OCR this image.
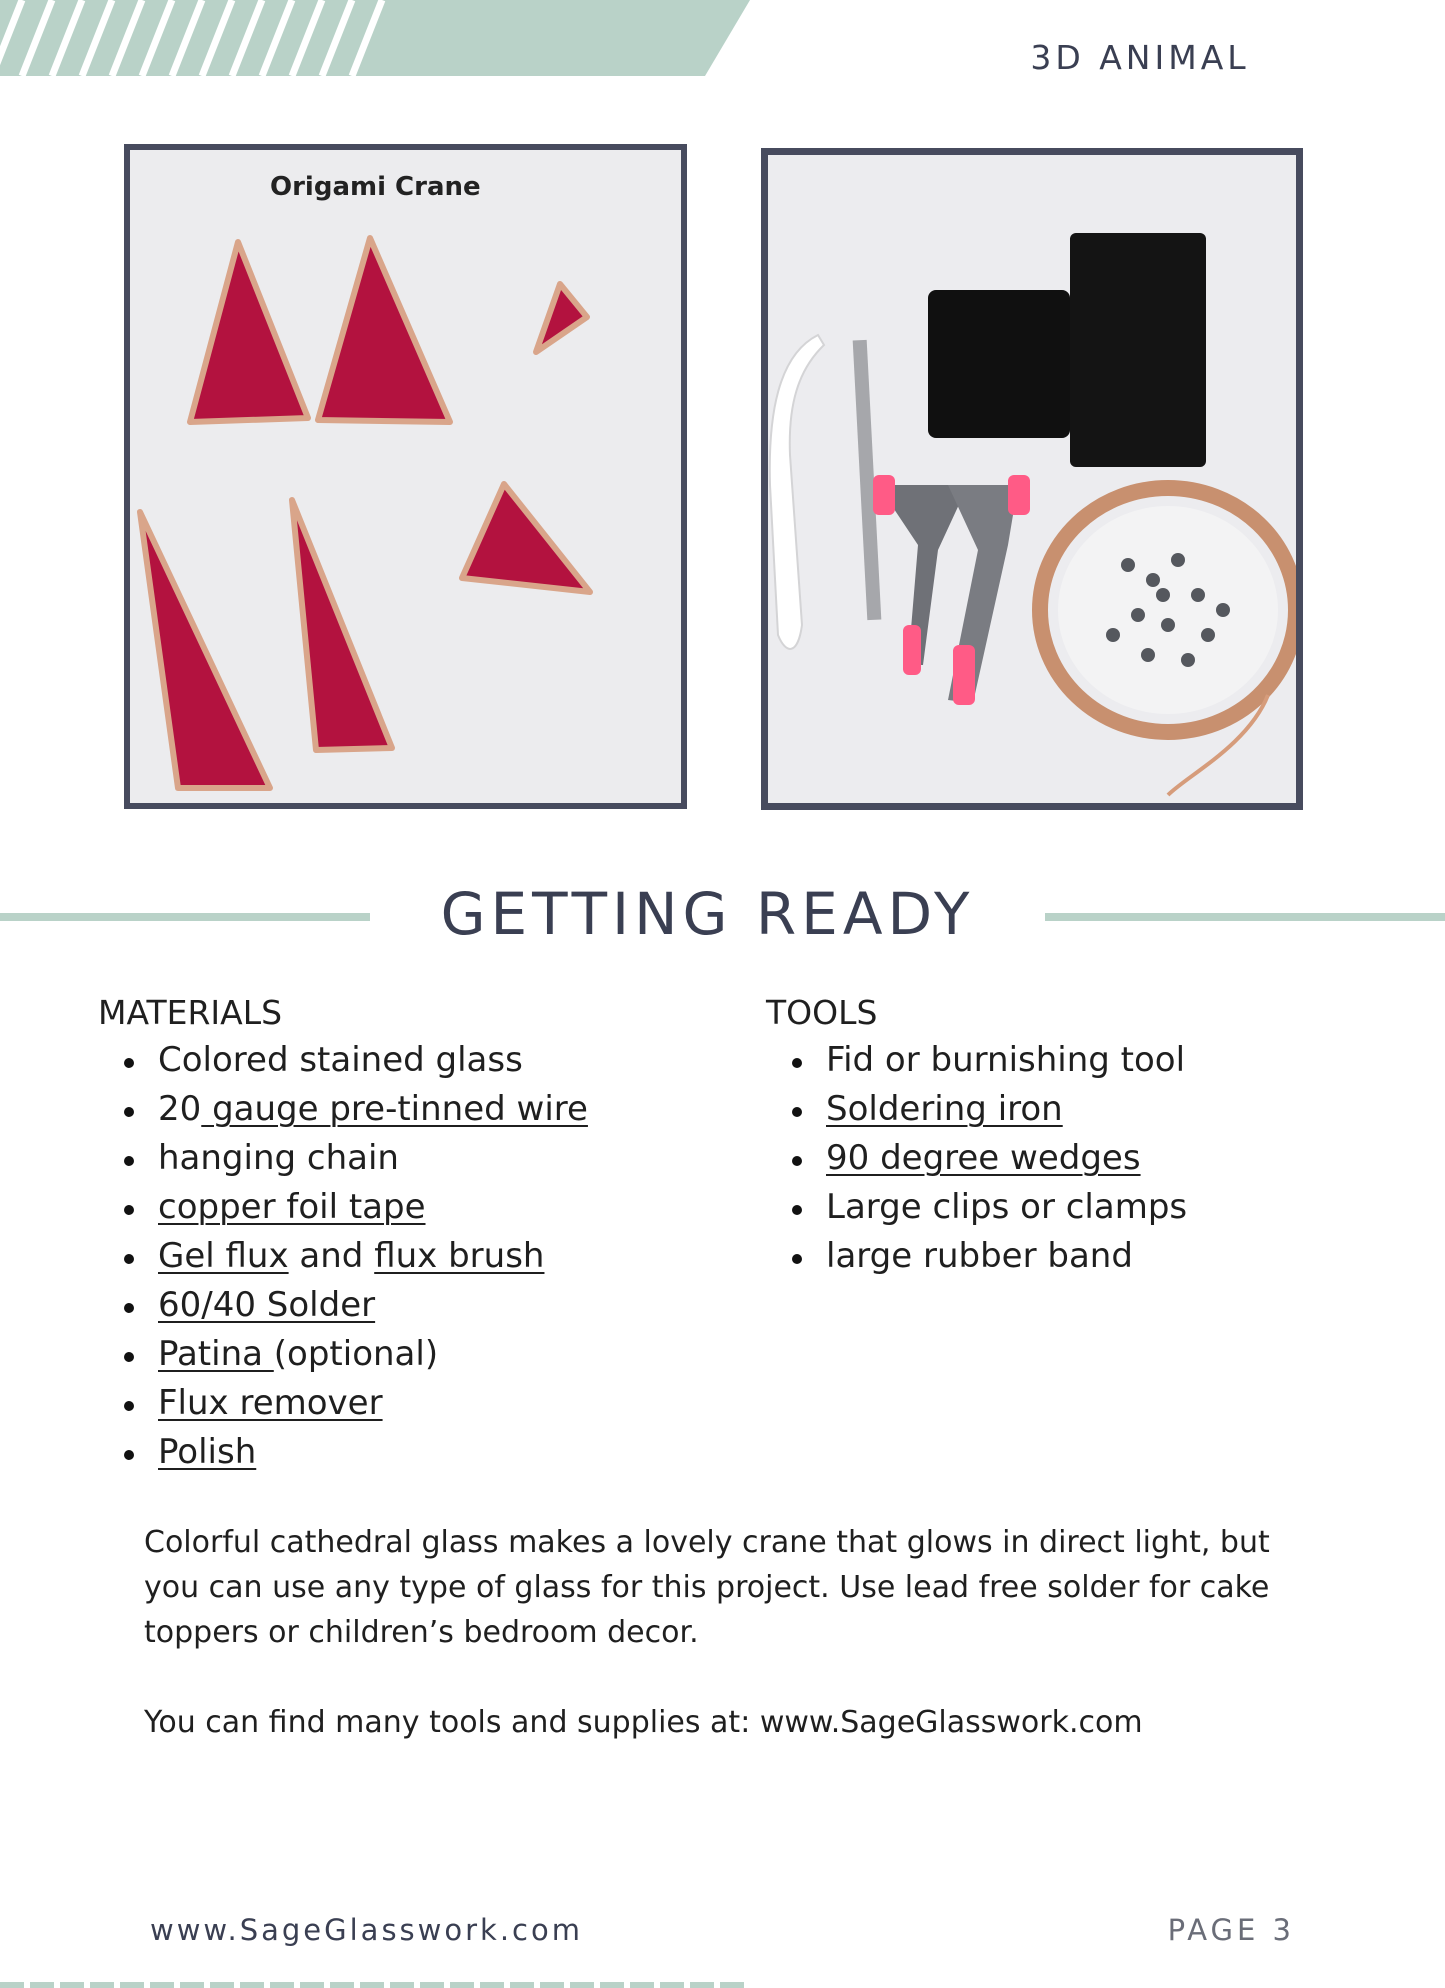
3D ANIMAL
Origami Crane
GETTING READY
MATERIALS
Colored stained glass
20 gauge pre-tinned wire
hanging chain
copper foil tape
Gel flux and flux brush
60/40 Solder
Patina (optional)
Flux remover
Polish
TOOLS
Fid or burnishing tool
Soldering iron
90 degree wedges
Large clips or clamps
large rubber band

Colorful cathedral glass makes a lovely crane that glows in direct light, but you can use any type of glass for this project. Use lead free solder for cake toppers or children’s bedroom decor.

You can find many tools and supplies at: www.SageGlasswork.com

www.SageGlasswork.com	PAGE 3
